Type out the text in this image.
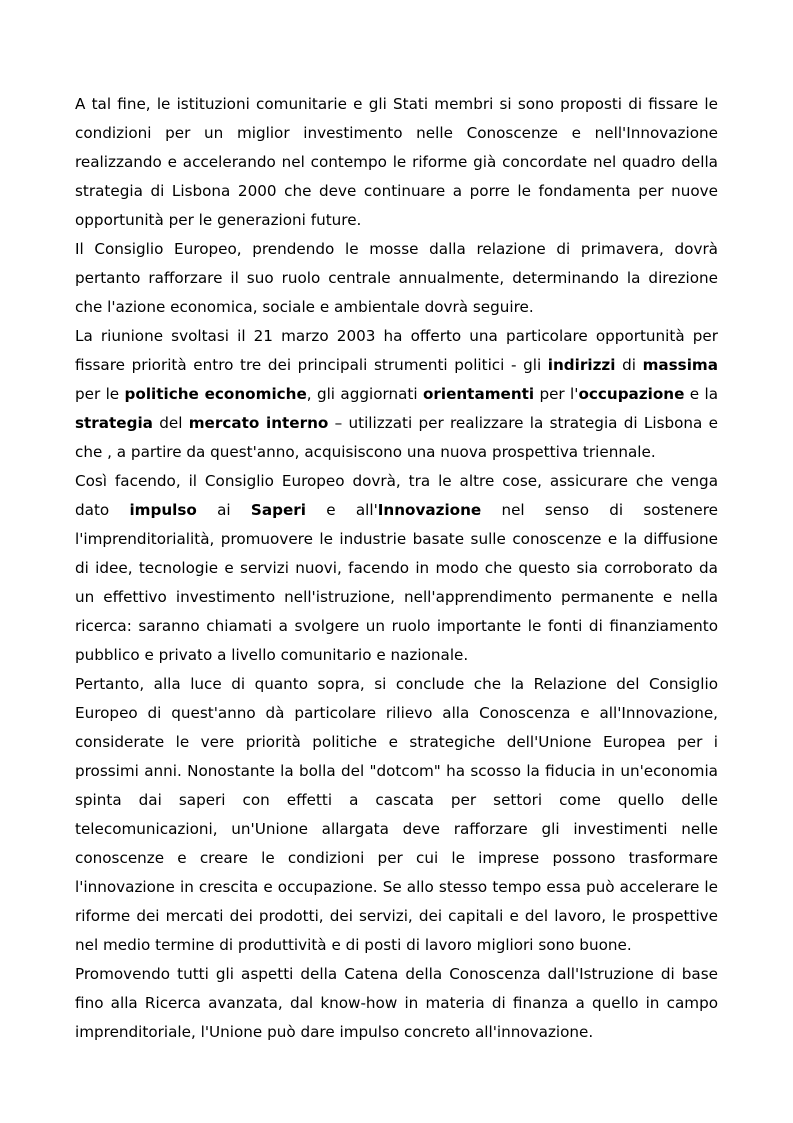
A tal fine, le istituzioni comunitarie e gli Stati membri si sono proposti di fissare le condizioni per un miglior investimento nelle Conoscenze e nell'Innovazione realizzando e accelerando nel contempo le riforme già concordate nel quadro della strategia di Lisbona 2000 che deve continuare a porre le fondamenta per nuove opportunità per le generazioni future.

Il Consiglio Europeo, prendendo le mosse dalla relazione di primavera, dovrà pertanto rafforzare il suo ruolo centrale annualmente, determinando la direzione che l'azione economica, sociale e ambientale dovrà seguire.

La riunione svoltasi il 21 marzo 2003 ha offerto una particolare opportunità per fissare priorità entro tre dei principali strumenti politici - gli indirizzi di massima per le politiche economiche, gli aggiornati orientamenti per l'occupazione e la strategia del mercato interno – utilizzati per realizzare la strategia di Lisbona e che , a partire da quest'anno, acquisiscono una nuova prospettiva triennale.

Così facendo, il Consiglio Europeo dovrà, tra le altre cose, assicurare che venga dato impulso ai Saperi e all'Innovazione nel senso di sostenere l'imprenditorialità, promuovere le industrie basate sulle conoscenze e la diffusione di idee, tecnologie e servizi nuovi, facendo in modo che questo sia corroborato da un effettivo investimento nell'istruzione, nell'apprendimento permanente e nella ricerca: saranno chiamati a svolgere un ruolo importante le fonti di finanziamento pubblico e privato a livello comunitario e nazionale.

Pertanto, alla luce di quanto sopra, si conclude che la Relazione del Consiglio Europeo di quest'anno dà particolare rilievo alla Conoscenza e all'Innovazione, considerate le vere priorità politiche e strategiche dell'Unione Europea per i prossimi anni. Nonostante la bolla del "dotcom" ha scosso la fiducia in un'economia spinta dai saperi con effetti a cascata per settori come quello delle telecomunicazioni, un'Unione allargata deve rafforzare gli investimenti nelle conoscenze e creare le condizioni per cui le imprese possono trasformare l'innovazione in crescita e occupazione. Se allo stesso tempo essa può accelerare le riforme dei mercati dei prodotti, dei servizi, dei capitali e del lavoro, le prospettive nel medio termine di produttività e di posti di lavoro migliori sono buone.

Promovendo tutti gli aspetti della Catena della Conoscenza dall'Istruzione di base fino alla Ricerca avanzata, dal know-how in materia di finanza a quello in campo imprenditoriale, l'Unione può dare impulso concreto all'innovazione.
